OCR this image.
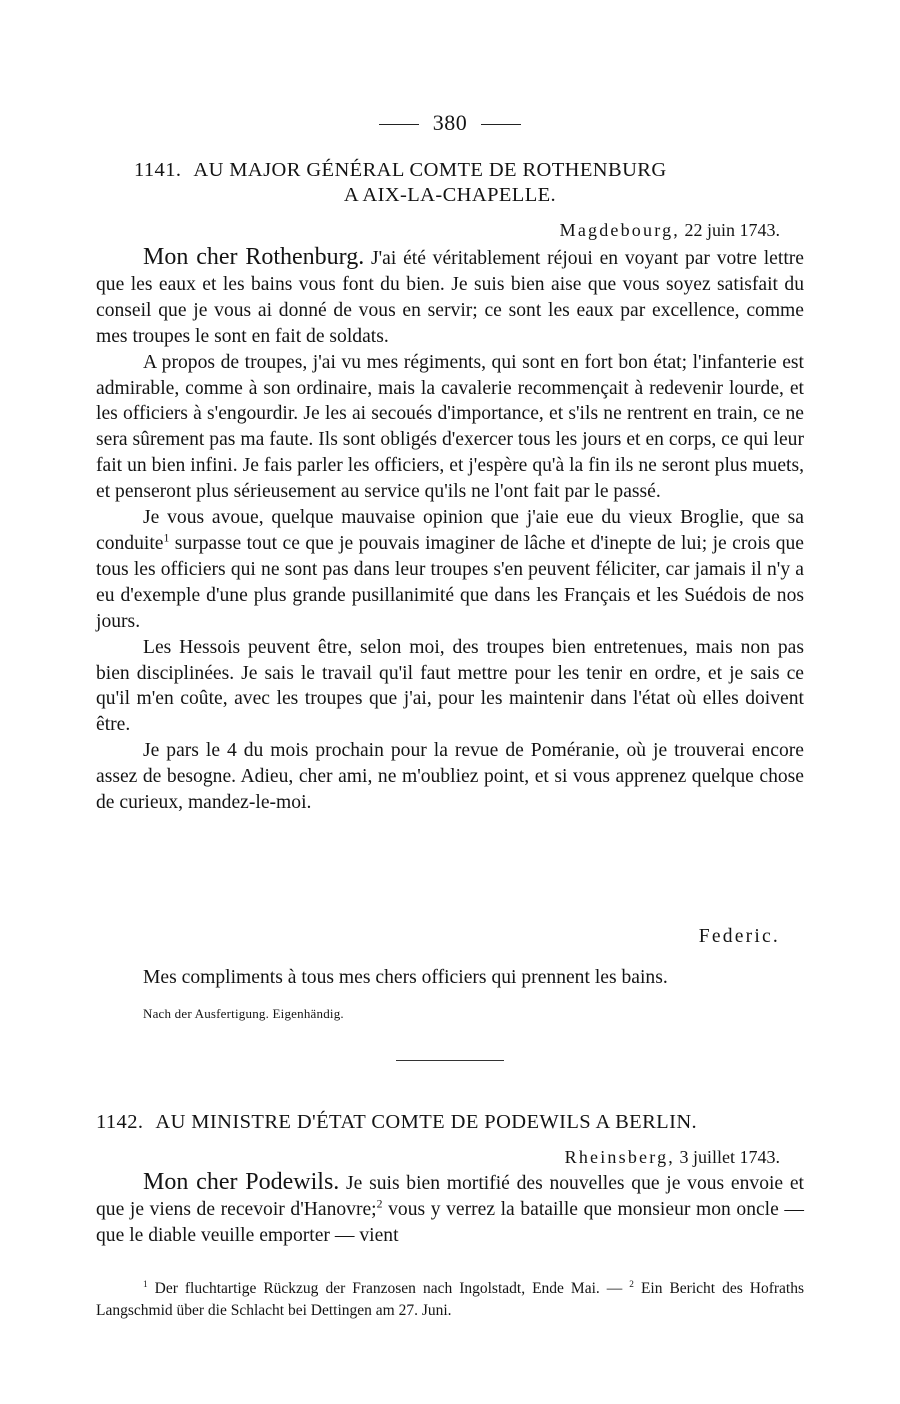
380
1141. AU MAJOR GÉNÉRAL COMTE DE ROTHENBURG
A AIX-LA-CHAPELLE.
Magdebourg, 22 juin 1743.

Mon cher Rothenburg. J'ai été véritablement réjoui en voyant par votre lettre que les eaux et les bains vous font du bien. Je suis bien aise que vous soyez satisfait du conseil que je vous ai donné de vous en servir; ce sont les eaux par excellence, comme mes troupes le sont en fait de soldats.

A propos de troupes, j'ai vu mes régiments, qui sont en fort bon état; l'infanterie est admirable, comme à son ordinaire, mais la cavalerie recommençait à redevenir lourde, et les officiers à s'engourdir. Je les ai secoués d'importance, et s'ils ne rentrent en train, ce ne sera sûrement pas ma faute. Ils sont obligés d'exercer tous les jours et en corps, ce qui leur fait un bien infini. Je fais parler les officiers, et j'espère qu'à la fin ils ne seront plus muets, et penseront plus sérieusement au service qu'ils ne l'ont fait par le passé.

Je vous avoue, quelque mauvaise opinion que j'aie eue du vieux Broglie, que sa conduite$^1$ surpasse tout ce que je pouvais imaginer de lâche et d'inepte de lui; je crois que tous les officiers qui ne sont pas dans leur troupes s'en peuvent féliciter, car jamais il n'y a eu d'exemple d'une plus grande pusillanimité que dans les Français et les Suédois de nos jours.

Les Hessois peuvent être, selon moi, des troupes bien entretenues, mais non pas bien disciplinées. Je sais le travail qu'il faut mettre pour les tenir en ordre, et je sais ce qu'il m'en coûte, avec les troupes que j'ai, pour les maintenir dans l'état où elles doivent être.

Je pars le 4 du mois prochain pour la revue de Poméranie, où je trouverai encore assez de besogne. Adieu, cher ami, ne m'oubliez point, et si vous apprenez quelque chose de curieux, mandez-le-moi.

Federic.
Mes compliments à tous mes chers officiers qui prennent les bains.
Nach der Ausfertigung. Eigenhändig.
1142. AU MINISTRE D'ÉTAT COMTE DE PODEWILS A BERLIN.
Rheinsberg, 3 juillet 1743.

Mon cher Podewils. Je suis bien mortifié des nouvelles que je vous envoie et que je viens de recevoir d'Hanovre;$^2$ vous y verrez la bataille que monsieur mon oncle — que le diable veuille emporter — vient

$^1$ Der fluchtartige Rückzug der Franzosen nach Ingolstadt, Ende Mai. — $^2$ Ein Bericht des Hofraths Langschmid über die Schlacht bei Dettingen am 27. Juni.
